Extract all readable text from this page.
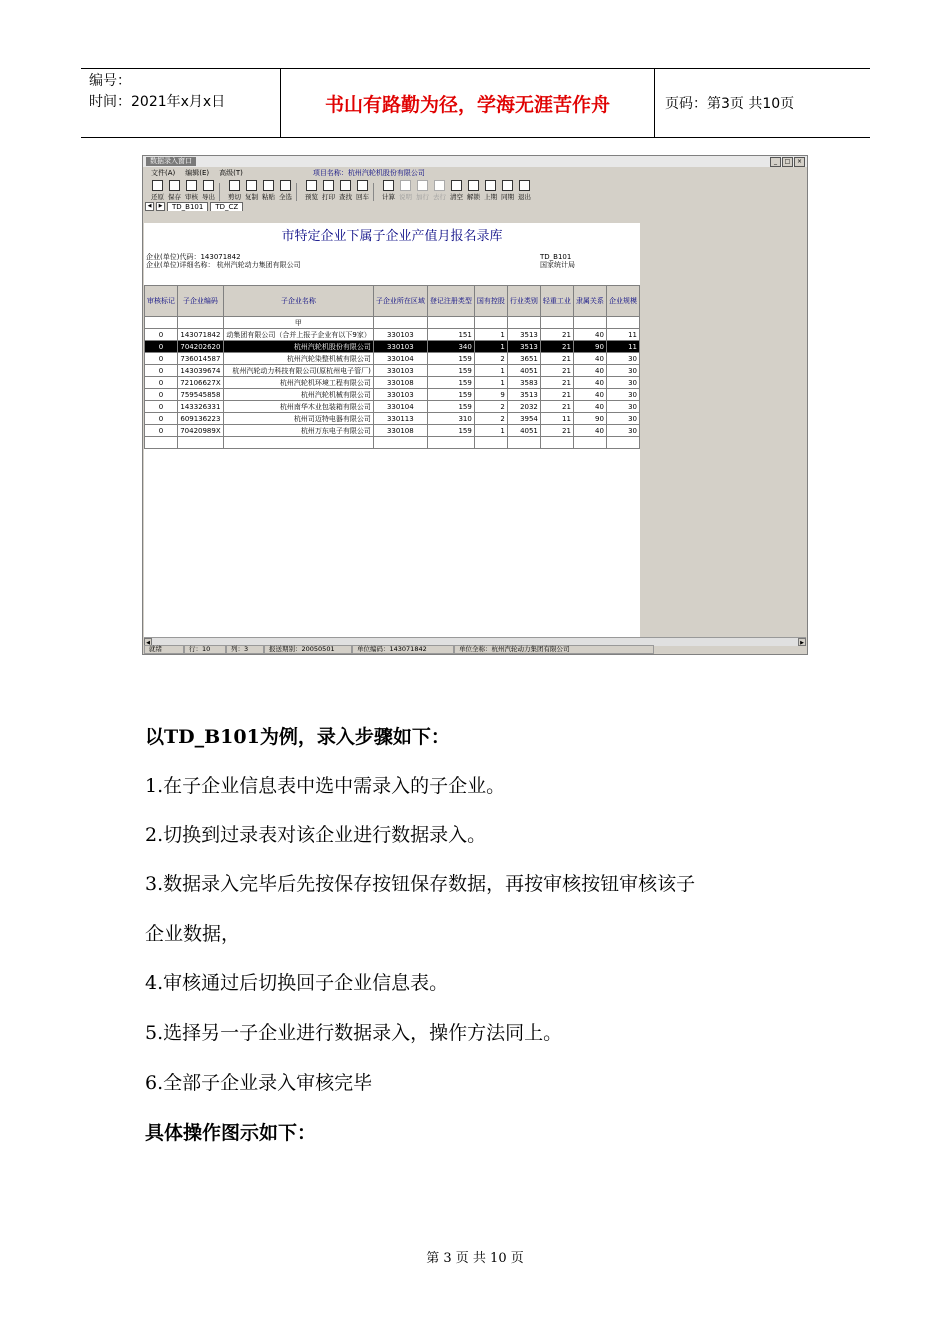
编号：
时间：2021年x月x日	书山有路勤为径，学海无涯苦作舟	页码：第3页 共10页
数据录入窗口	_	□	×
文件(A) 编辑(E) 高级(T)	项目名称：杭州汽轮机股份有限公司
还原 保存 审核 导出 剪切 复制 粘贴 全选 预览 打印 查找 回车 计算 说明 加行 去行 清空 解锁 上期 同期 退出
◀	▶	TD_B101	TD_CZ
市特定企业下属子企业产值月报名录库
企业(单位)代码：143071842
企业(单位)详细名称： 杭州汽轮动力集团有限公司
TD_B101
国家统计局
审核标记	子企业编码	子企业名称	子企业所在区域	登记注册类型	国有控股	行业类别	轻重工业	隶属关系	企业规模
		甲							
0	143071842	动集团有限公司（合并上报子企业有以下9家）	330103	151	1	3513	21	40	11
0	704202620	杭州汽轮机股份有限公司	330103	340	1	3513	21	90	11
0	736014587	杭州汽轮染整机械有限公司	330104	159	2	3651	21	40	30
0	143039674	杭州汽轮动力科技有限公司(原杭州电子管厂)	330103	159	1	4051	21	40	30
0	72106627X	杭州汽轮机环境工程有限公司	330108	159	1	3583	21	40	30
0	759545858	杭州汽轮机械有限公司	330103	159	9	3513	21	40	30
0	143326331	杭州南华木业包装箱有限公司	330104	159	2	2032	21	40	30
0	609136223	杭州司迈特电器有限公司	330113	310	2	3954	11	90	30
0	70420989X	杭州万东电子有限公司	330108	159	1	4051	21	40	30

◀	▶
就绪	行：10	列：3	报送期别：20050501	单位编码：143071842	单位全称：杭州汽轮动力集团有限公司
以TD_B101为例，录入步骤如下：
1.在子企业信息表中选中需录入的子企业。
2.切换到过录表对该企业进行数据录入。
3.数据录入完毕后先按保存按钮保存数据，再按审核按钮审核该子
企业数据，
4.审核通过后切换回子企业信息表。
5.选择另一子企业进行数据录入，操作方法同上。
6.全部子企业录入审核完毕
具体操作图示如下：
第 3 页 共 10 页
